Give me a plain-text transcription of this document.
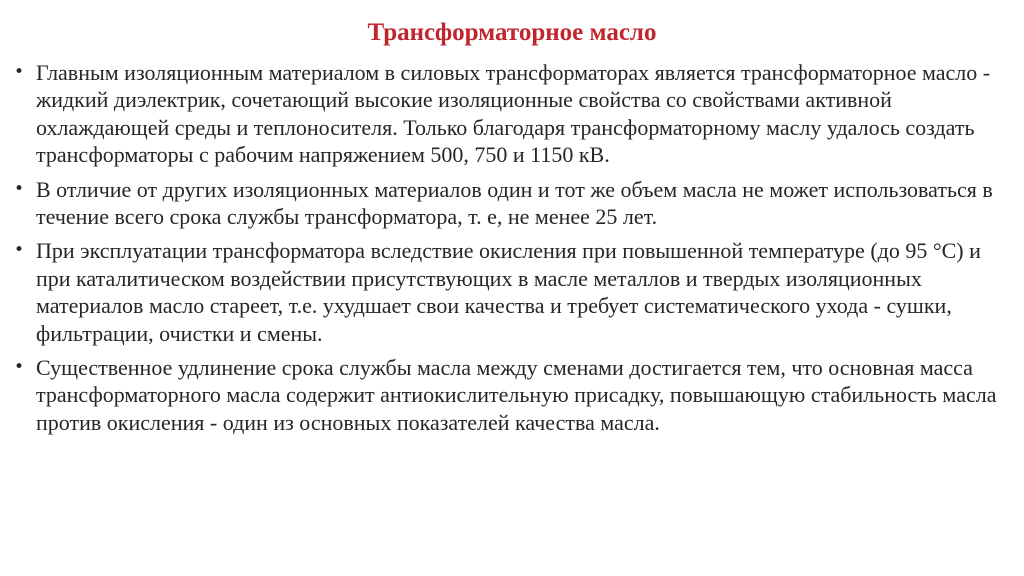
Трансформаторное масло
• Главным изоляционным материалом в силовых трансформаторах является трансформаторное масло - жидкий диэлектрик, сочетающий высокие изоляционные свойства со свойствами активной охлаждающей среды и теплоносителя. Только благодаря трансформаторному маслу удалось создать трансформаторы с рабочим напряжением 500, 750 и 1150 кВ.
• В отличие от других изоляционных материалов один и тот же объем масла не может использоваться в течение всего срока службы трансформатора, т. е, не менее 25 лет.
• При эксплуатации трансформатора вследствие окисления при повышенной температуре (до 95 °С) и при каталитическом воздействии присутствующих в масле металлов и твердых изоляционных материалов масло стареет, т.е. ухудшает свои качества и требует систематического ухода - сушки, фильтрации, очистки и смены.
• Существенное удлинение срока службы масла между сменами достигается тем, что основная масса трансформаторного масла содержит антиокислительную присадку, повышающую стабильность масла против окисления - один из основных показателей качества масла.
